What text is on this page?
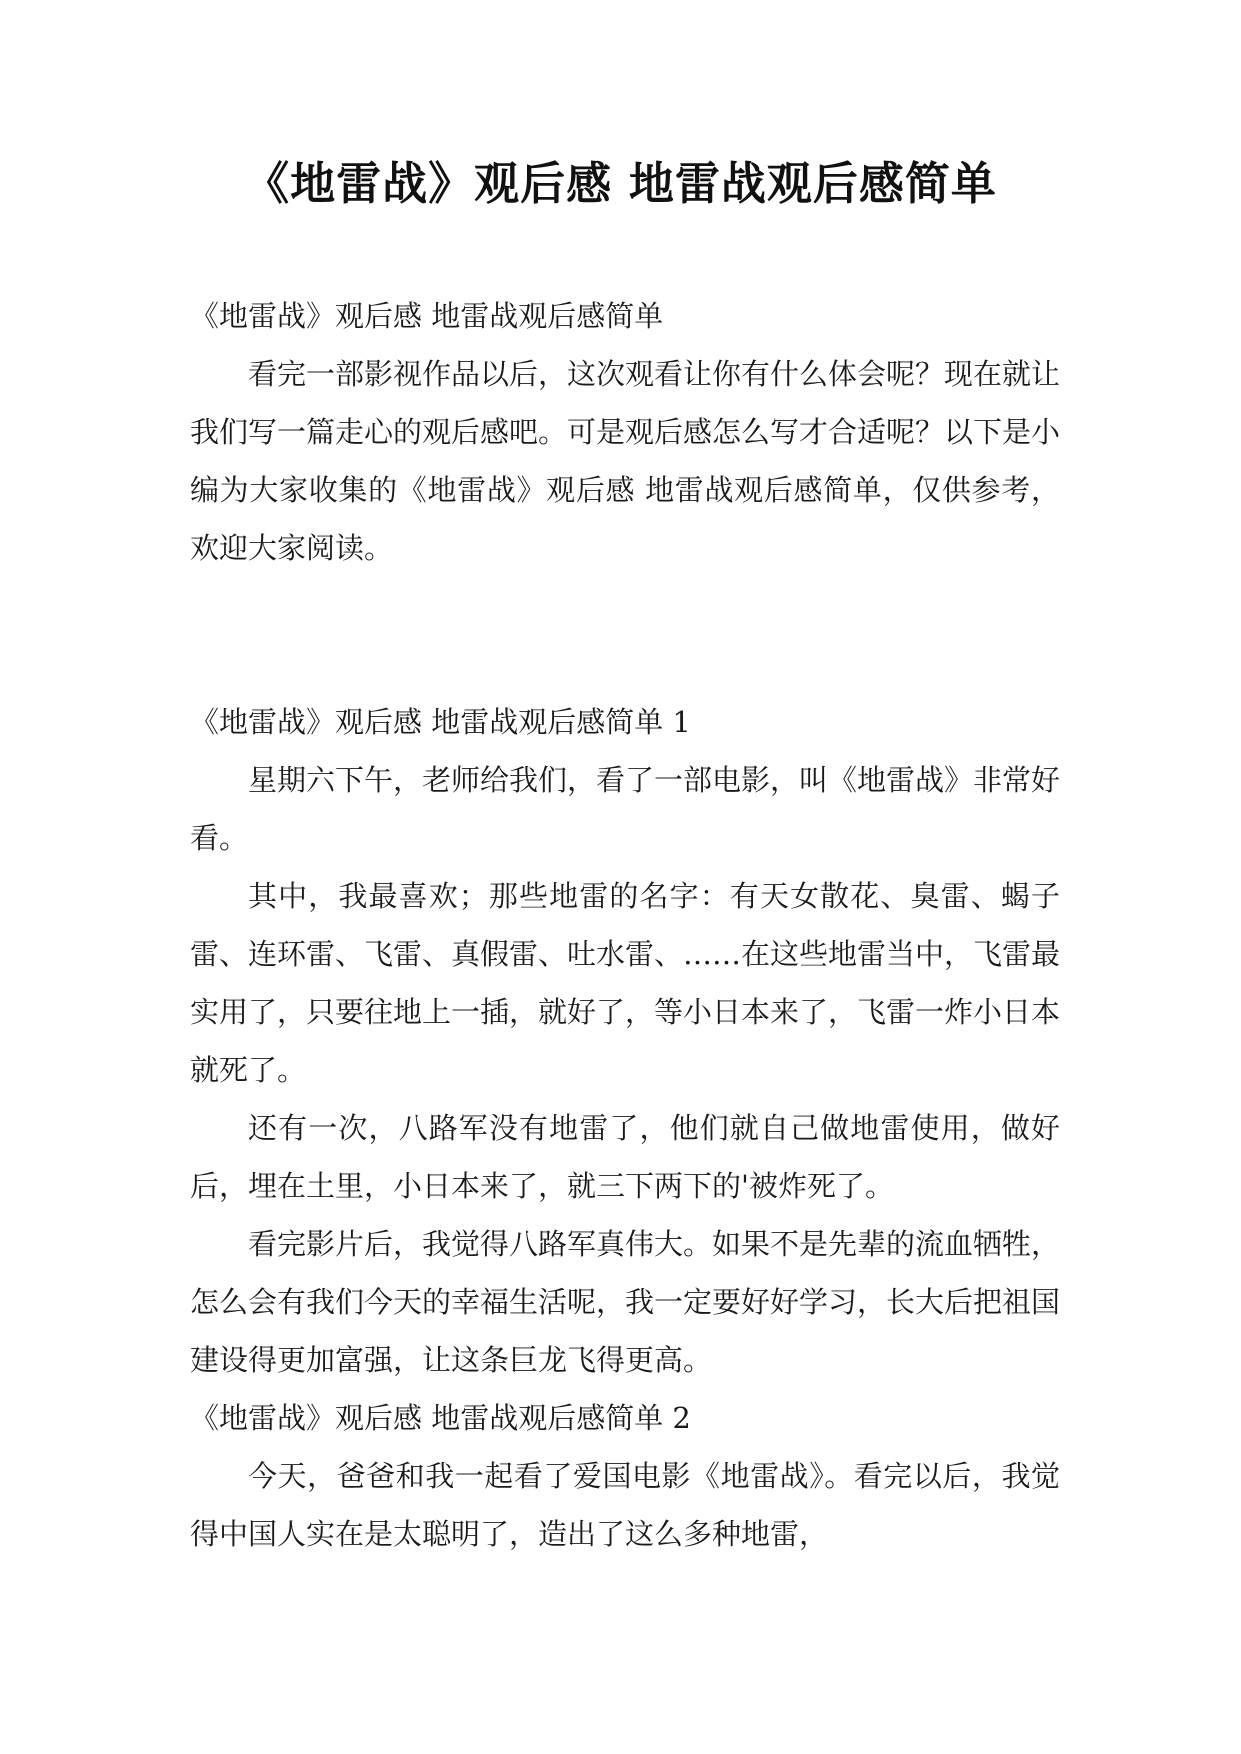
《地雷战》观后感 地雷战观后感简单

《地雷战》观后感 地雷战观后感简单

看完一部影视作品以后，这次观看让你有什么体会呢？现在就让我们写一篇走心的观后感吧。可是观后感怎么写才合适呢？以下是小编为大家收集的《地雷战》观后感 地雷战观后感简单，仅供参考，欢迎大家阅读。

《地雷战》观后感 地雷战观后感简单 1

星期六下午，老师给我们，看了一部电影，叫《地雷战》非常好看。

其中，我最喜欢；那些地雷的名字：有天女散花、臭雷、蝎子雷、连环雷、飞雷、真假雷、吐水雷、……在这些地雷当中，飞雷最实用了，只要往地上一插，就好了，等小日本来了，飞雷一炸小日本就死了。

还有一次，八路军没有地雷了，他们就自己做地雷使用，做好后，埋在土里，小日本来了，就三下两下的'被炸死了。

看完影片后，我觉得八路军真伟大。如果不是先辈的流血牺牲，怎么会有我们今天的幸福生活呢，我一定要好好学习，长大后把祖国建设得更加富强，让这条巨龙飞得更高。

《地雷战》观后感 地雷战观后感简单 2

今天，爸爸和我一起看了爱国电影《地雷战》。看完以后，我觉得中国人实在是太聪明了，造出了这么多种地雷，
